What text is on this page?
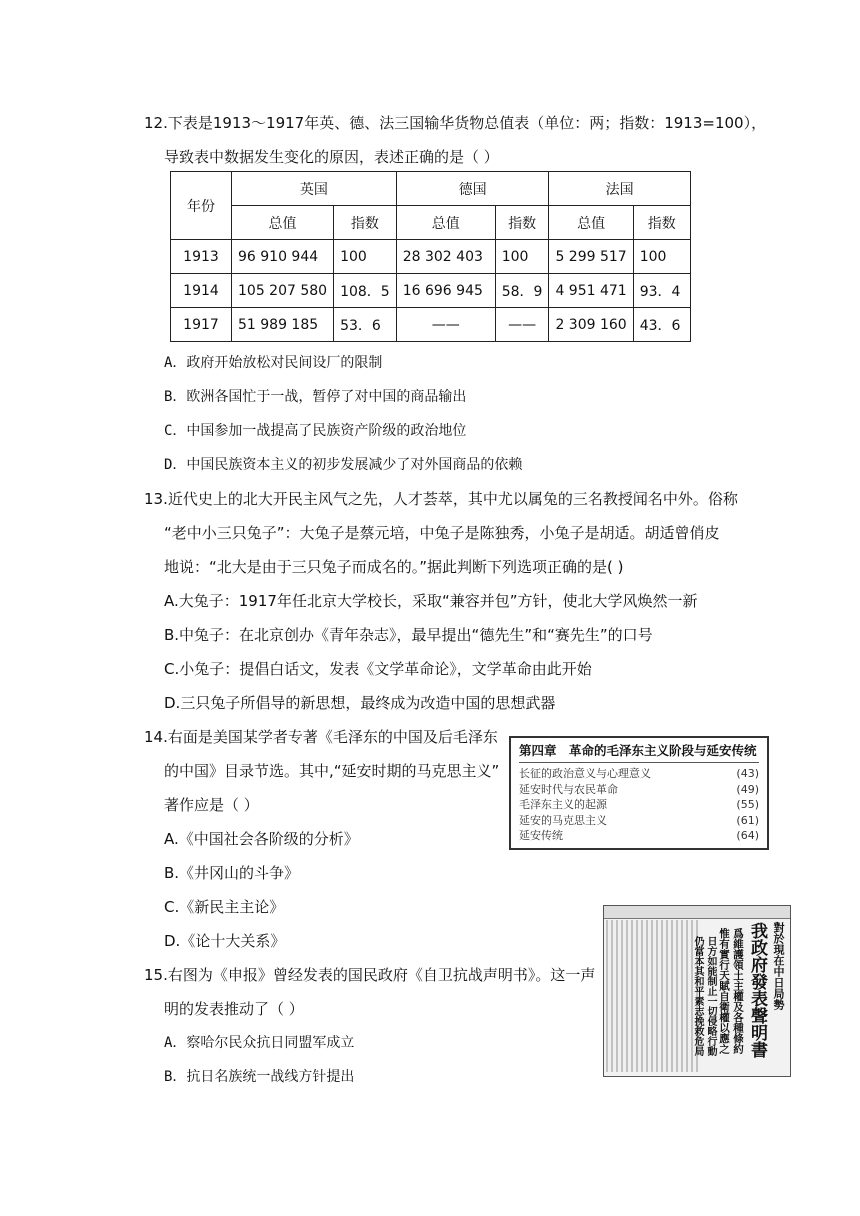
12.下表是1913～1917年英、德、法三国输华货物总值表（单位：两；指数：1913=100），
导致表中数据发生变化的原因，表述正确的是（ ）
年份	英国		德国		法国	
	总值	指数	总值	指数	总值	指数
1913	96 910 944	100	28 302 403	100	5 299 517	100
1914	105 207 580	108．5	16 696 945	58．9	4 951 471	93．4
1917	51 989 185	53．6	——	——	2 309 160	43．6
A．政府开始放松对民间设厂的限制
B．欧洲各国忙于一战，暂停了对中国的商品输出
C．中国参加一战提高了民族资产阶级的政治地位
D．中国民族资本主义的初步发展减少了对外国商品的依赖
13.近代史上的北大开民主风气之先，人才荟萃，其中尤以属兔的三名教授闻名中外。俗称
“老中小三只兔子”：大兔子是蔡元培，中兔子是陈独秀，小兔子是胡适。胡适曾俏皮
地说：“北大是由于三只兔子而成名的。”据此判断下列选项正确的是( )
A.大兔子：1917年任北京大学校长，采取“兼容并包”方针，使北大学风焕然一新
B.中兔子：在北京创办《青年杂志》，最早提出“德先生”和“赛先生”的口号
C.小兔子：提倡白话文，发表《文学革命论》，文学革命由此开始
D.三只兔子所倡导的新思想，最终成为改造中国的思想武器
14.右面是美国某学者专著《毛泽东的中国及后毛泽东
的中国》目录节选。其中,“延安时期的马克思主义”
著作应是（ ）
A.《中国社会各阶级的分析》
B.《井冈山的斗争》
C.《新民主主论》
D.《论十大关系》
第四章　革命的毛泽东主义阶段与延安传统
长征的政治意义与心理意义	(43)
延安时代与农民革命	(49)
毛泽东主义的起源	(55)
延安的马克思主义	(61)
延安传统	(64)
15.右图为《申报》曾经发表的国民政府《自卫抗战声明书》。这一声
明的发表推动了（ ）
A．察哈尔民众抗日同盟军成立
B．抗日名族统一战线方针提出
對於現在中日局勢
我政府發表聲明書
爲維護領土主權及各種條約
惟有實行天賦自衛權以應之
日方如能制止一切侵略行動
仍當本其和平素志挽救危局
